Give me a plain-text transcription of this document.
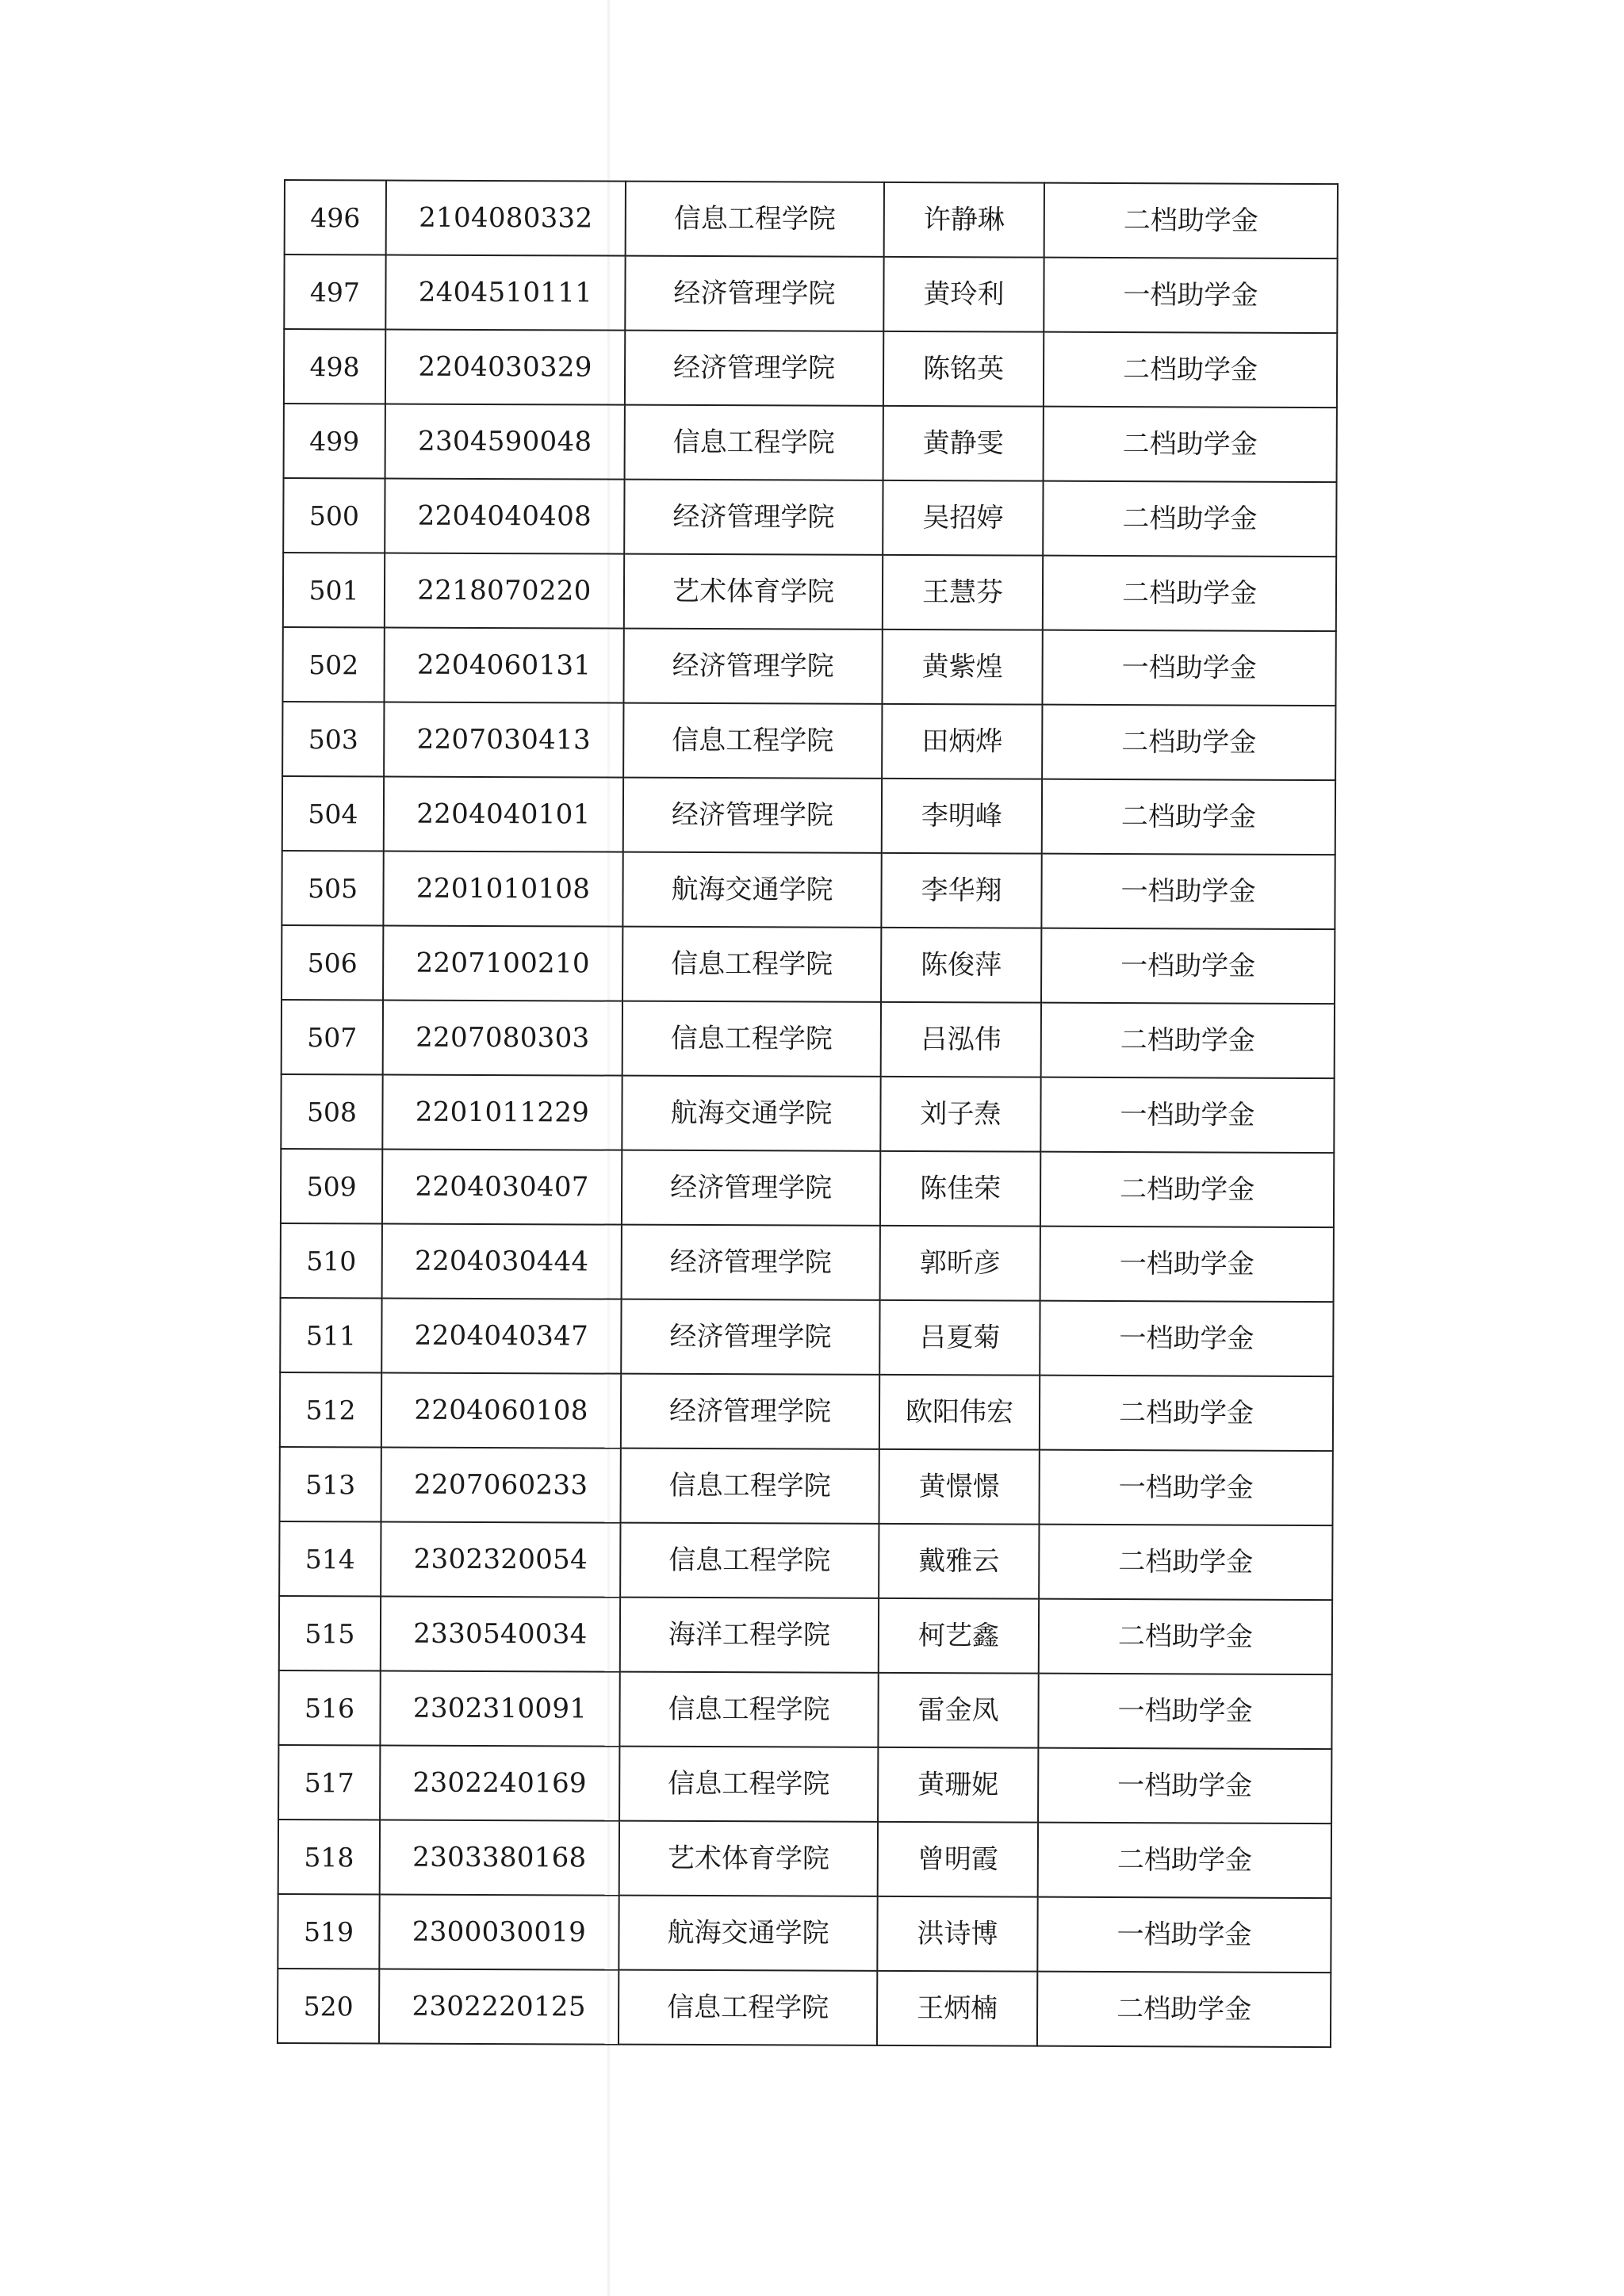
496	2104080332	信息工程学院	许静琳	二档助学金
497	2404510111	经济管理学院	黄玲利	一档助学金
498	2204030329	经济管理学院	陈铭英	二档助学金
499	2304590048	信息工程学院	黄静雯	二档助学金
500	2204040408	经济管理学院	吴招婷	二档助学金
501	2218070220	艺术体育学院	王慧芬	二档助学金
502	2204060131	经济管理学院	黄紫煌	一档助学金
503	2207030413	信息工程学院	田炳烨	二档助学金
504	2204040101	经济管理学院	李明峰	二档助学金
505	2201010108	航海交通学院	李华翔	一档助学金
506	2207100210	信息工程学院	陈俊萍	一档助学金
507	2207080303	信息工程学院	吕泓伟	二档助学金
508	2201011229	航海交通学院	刘子焘	一档助学金
509	2204030407	经济管理学院	陈佳荣	二档助学金
510	2204030444	经济管理学院	郭昕彦	一档助学金
511	2204040347	经济管理学院	吕夏菊	一档助学金
512	2204060108	经济管理学院	欧阳伟宏	二档助学金
513	2207060233	信息工程学院	黄憬憬	一档助学金
514	2302320054	信息工程学院	戴雅云	二档助学金
515	2330540034	海洋工程学院	柯艺鑫	二档助学金
516	2302310091	信息工程学院	雷金凤	一档助学金
517	2302240169	信息工程学院	黄珊妮	一档助学金
518	2303380168	艺术体育学院	曾明霞	二档助学金
519	2300030019	航海交通学院	洪诗博	一档助学金
520	2302220125	信息工程学院	王炳楠	二档助学金
